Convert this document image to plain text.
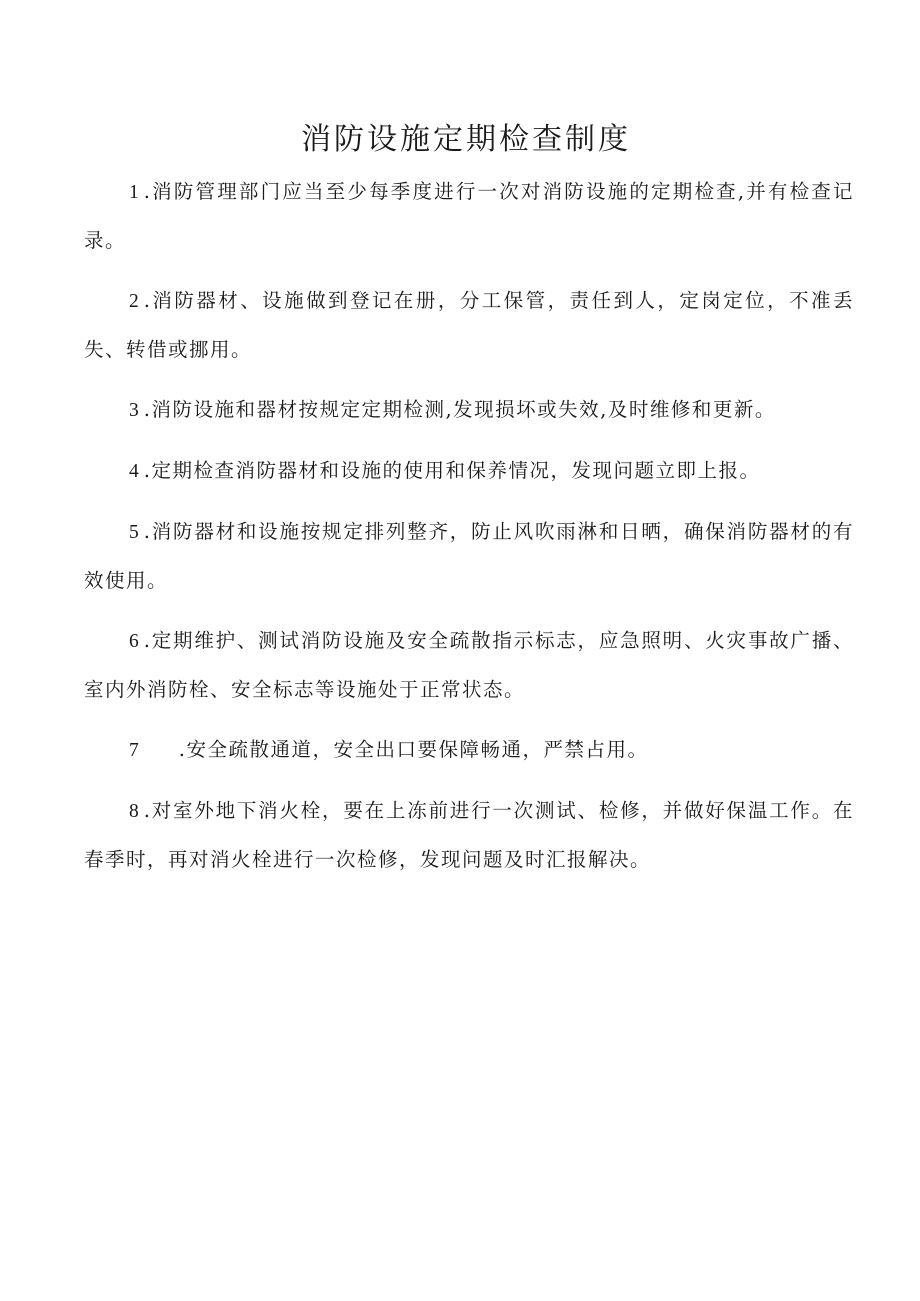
消防设施定期检查制度

1 .消防管理部门应当至少每季度进行一次对消防设施的定期检查,并有检查记录。

2 .消防器材、设施做到登记在册，分工保管，责任到人，定岗定位，不准丢失、转借或挪用。

3 .消防设施和器材按规定定期检测,发现损坏或失效,及时维修和更新。

4 .定期检查消防器材和设施的使用和保养情况，发现问题立即上报。

5 .消防器材和设施按规定排列整齐，防止风吹雨淋和日晒，确保消防器材的有效使用。

6 .定期维护、测试消防设施及安全疏散指示标志，应急照明、火灾事故广播、室内外消防栓、安全标志等设施处于正常状态。

7 .安全疏散通道，安全出口要保障畅通，严禁占用。

8 .对室外地下消火栓，要在上冻前进行一次测试、检修，并做好保温工作。在春季时，再对消火栓进行一次检修，发现问题及时汇报解决。
